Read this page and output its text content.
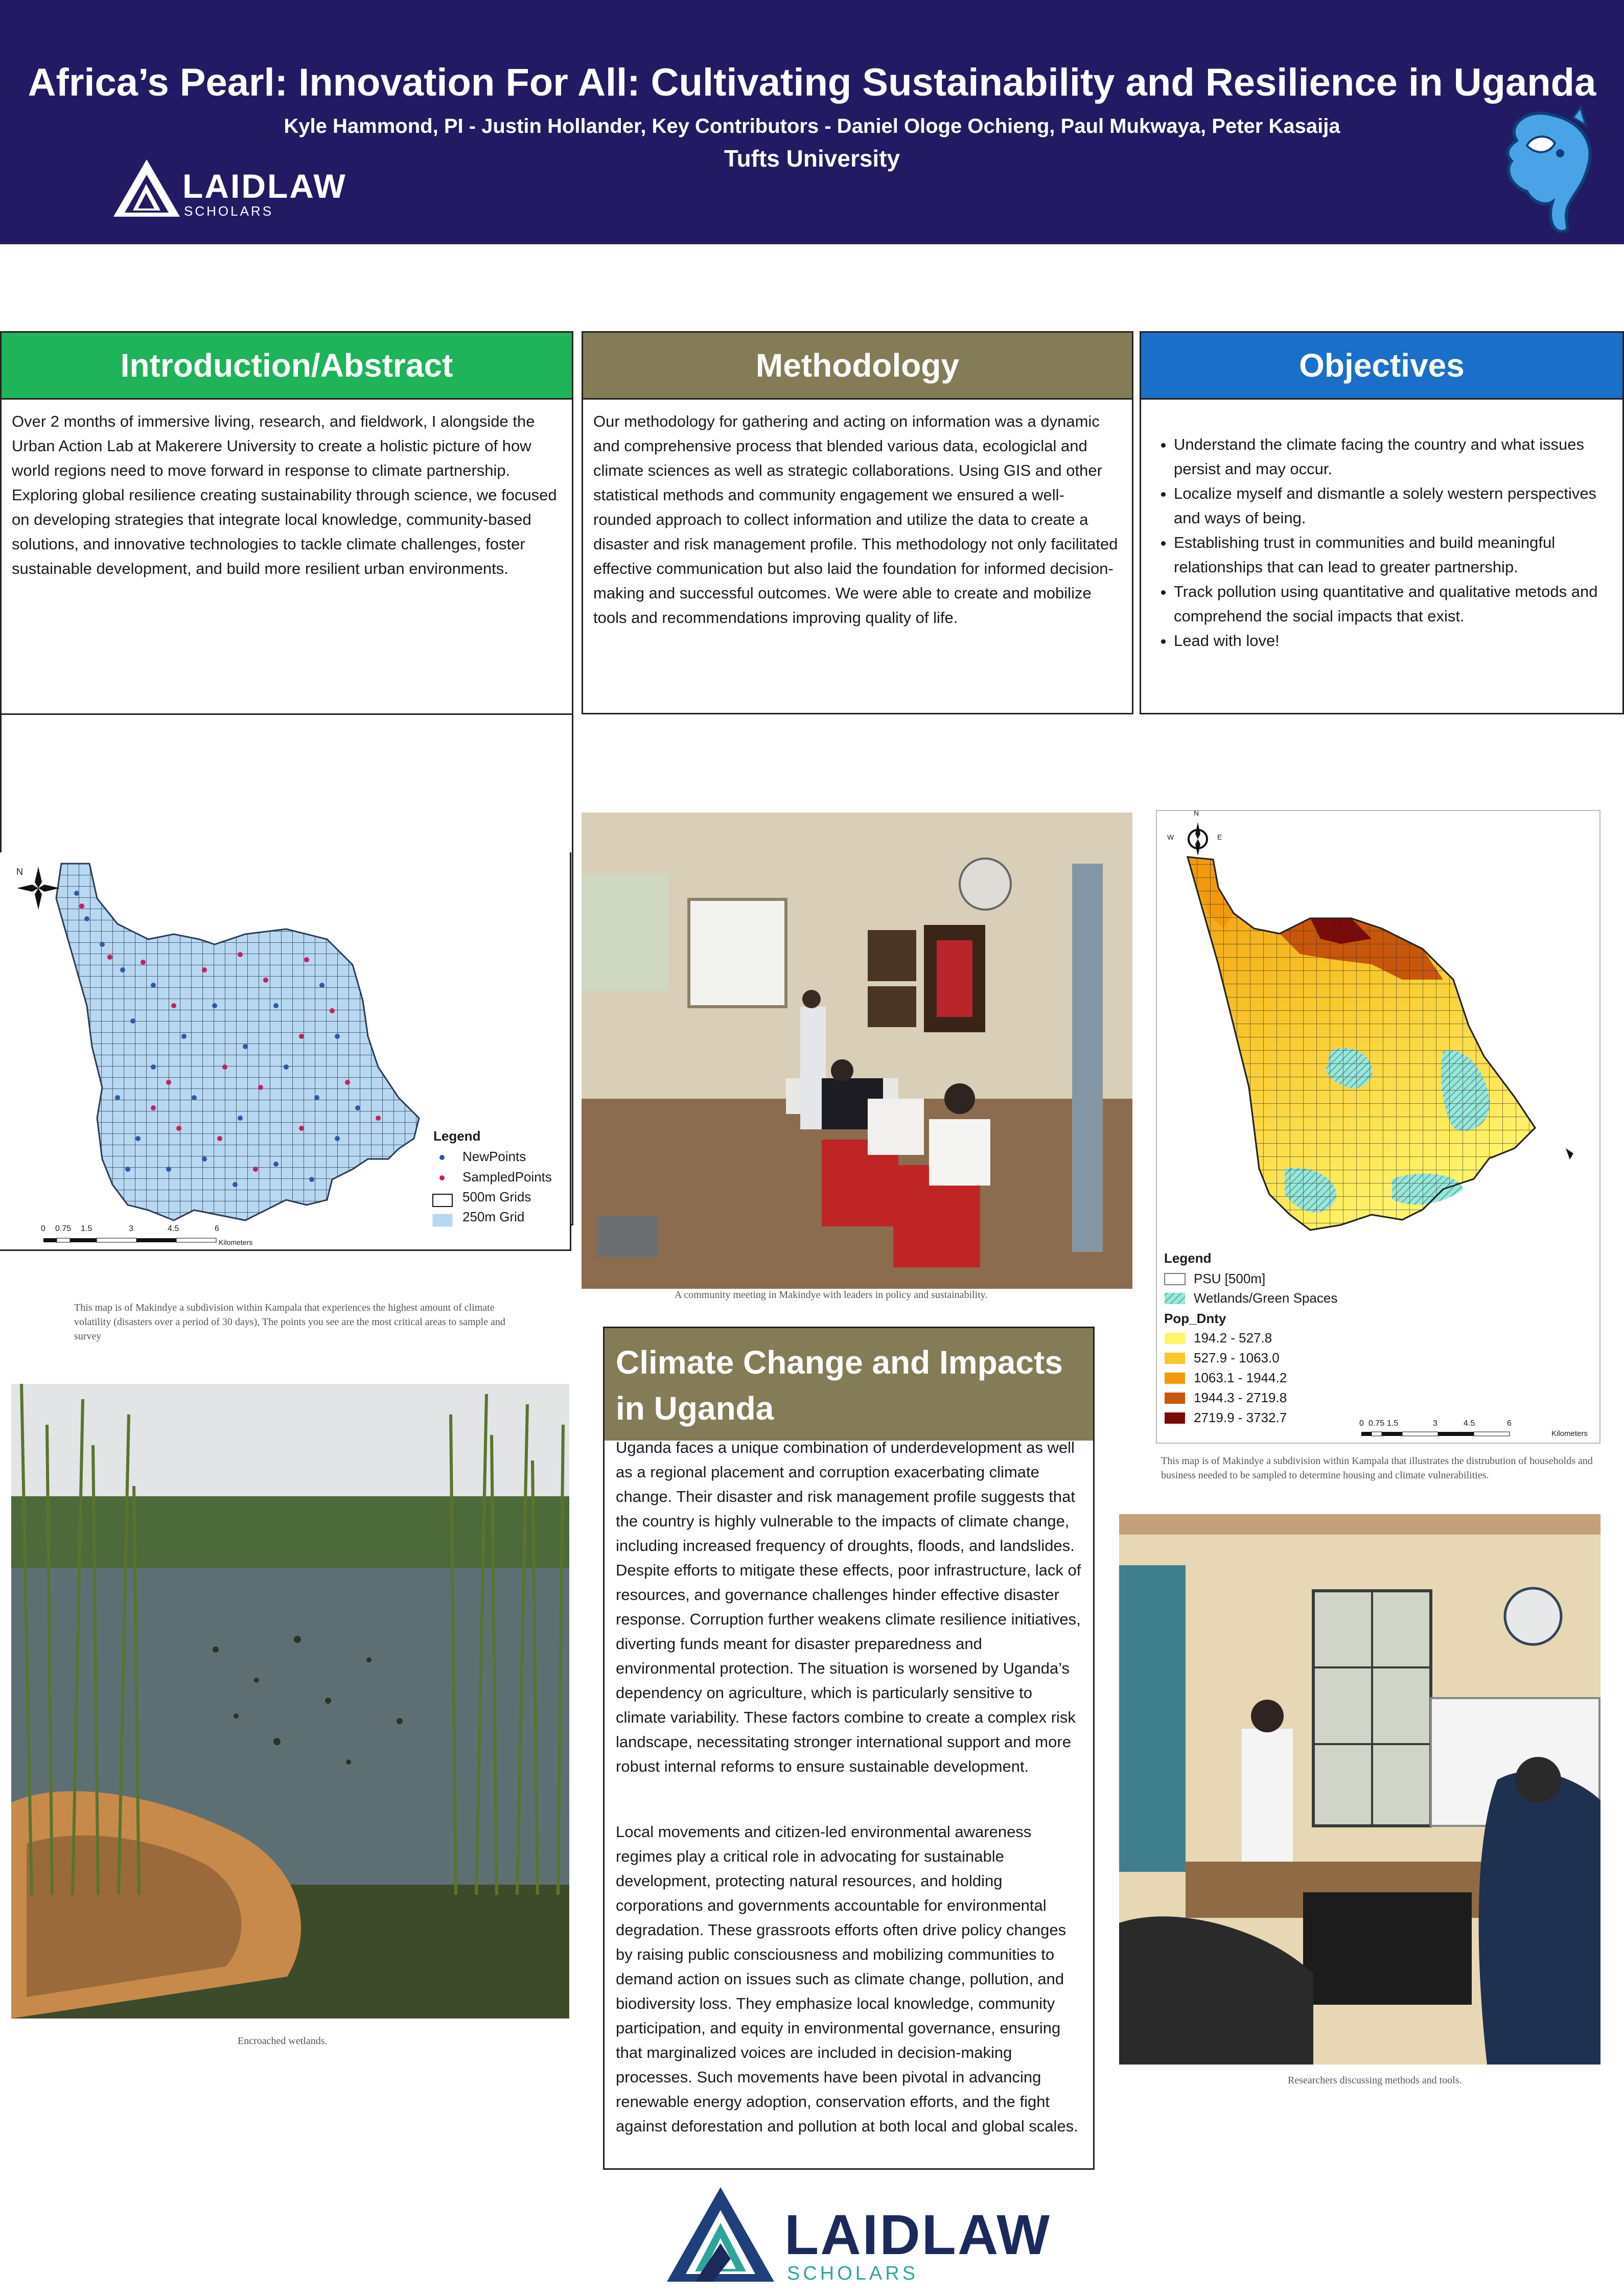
Africa’s Pearl: Innovation For All: Cultivating Sustainability and Resilience in Uganda
Kyle Hammond, PI - Justin Hollander, Key Contributors - Daniel Ologe Ochieng, Paul Mukwaya, Peter Kasaija
Tufts University
LAIDLAW
SCHOLARS
Introduction/Abstract
Over 2 months of immersive living, research, and fieldwork, I alongside the Urban Action Lab at Makerere University to create a holistic picture of how world regions need to move forward in response to climate partnership. Exploring global resilience creating sustainability through science, we focused on developing strategies that integrate local knowledge, community-based solutions, and innovative technologies to tackle climate challenges, foster sustainable development, and build more resilient urban environments.
Methodology
Our methodology for gathering and acting on information was a dynamic and comprehensive process that blended various data, ecologiclal and climate sciences as well as strategic collaborations. Using GIS and other statistical methods and community engagement we ensured a well-rounded approach to collect information and utilize the data to create a disaster and risk management profile. This methodology not only facilitated effective communication but also laid the foundation for informed decision-making and successful outcomes. We were able to create and mobilize tools and recommendations improving quality of life.
Objectives
• Understand the climate facing the country and what issues persist and may occur.
• Localize myself and dismantle a solely western perspectives and ways of being.
• Establishing trust in communities and build meaningful relationships that can lead to greater partnership.
• Track pollution using quantitative and qualitative metods and comprehend the social impacts that exist.
• Lead with love!
N
Legend
NewPoints
SampledPoints
500m Grids
250m Grid
0 0.75 1.5	3	4.5	6
Kilometers
This map is of Makindye a subdivision within Kampala that experiences the highest amount of climate volatility (disasters over a period of 30 days), The points you see are the most critical areas to sample and survey
A community meeting in Makindye with leaders in policy and sustainability.
N
W	E
Legend
PSU [500m]
Wetlands/Green Spaces
Pop_Dnty
194.2 - 527.8
527.9 - 1063.0
1063.1 - 1944.2
1944.3 - 2719.8
2719.9 - 3732.7	0 0.75 1.5	3	4.5	6
Kilometers
This map is of Makindye a subdivision within Kampala that illustrates the distrubution of households and business needed to be sampled to determine housing and climate vulnerabilities.
Encroached wetlands.
Climate Change and Impacts in Uganda

Uganda faces a unique combination of underdevelopment as well as a regional placement and corruption exacerbating climate change. Their disaster and risk management profile suggests that the country is highly vulnerable to the impacts of climate change, including increased frequency of droughts, floods, and landslides. Despite efforts to mitigate these effects, poor infrastructure, lack of resources, and governance challenges hinder effective disaster response. Corruption further weakens climate resilience initiatives, diverting funds meant for disaster preparedness and environmental protection. The situation is worsened by Uganda’s dependency on agriculture, which is particularly sensitive to climate variability. These factors combine to create a complex risk landscape, necessitating stronger international support and more robust internal reforms to ensure sustainable development.

Local movements and citizen-led environmental awareness regimes play a critical role in advocating for sustainable development, protecting natural resources, and holding corporations and governments accountable for environmental degradation. These grassroots efforts often drive policy changes by raising public consciousness and mobilizing communities to demand action on issues such as climate change, pollution, and biodiversity loss. They emphasize local knowledge, community participation, and equity in environmental governance, ensuring that marginalized voices are included in decision-making processes. Such movements have been pivotal in advancing renewable energy adoption, conservation efforts, and the fight against deforestation and pollution at both local and global scales.

Researchers discussing methods and tools.
LAIDLAW
SCHOLARS
